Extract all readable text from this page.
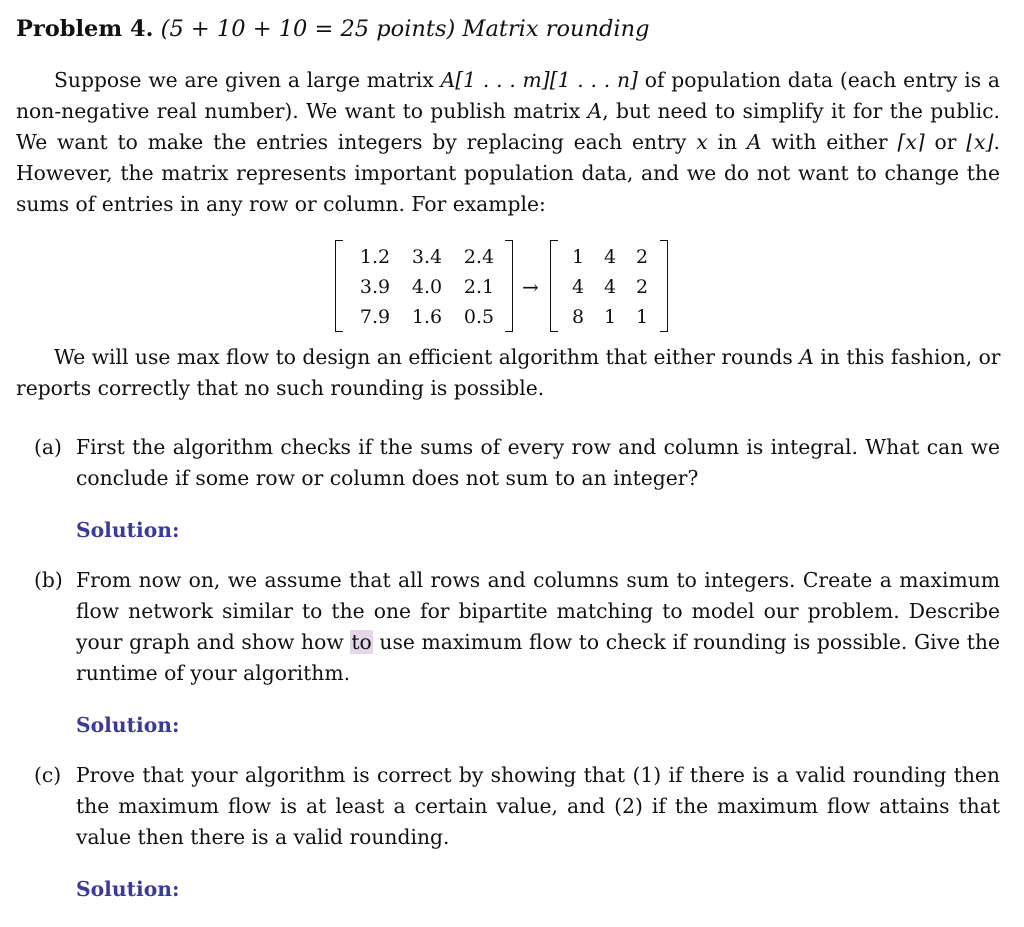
Problem 4. (5 + 10 + 10 = 25 points) Matrix rounding
Suppose we are given a large matrix A[1 . . . m][1 . . . n] of population data (each entry is a
non-negative real number). We want to publish matrix A, but need to simplify it for the public.
We want to make the entries integers by replacing each entry x in A with either ⌈x⌉ or ⌊x⌋.
However, the matrix represents important population data, and we do not want to change the
sums of entries in any row or column. For example:
1.2	3.4	2.4
3.9	4.0	2.1
7.9	1.6	0.5
→
1	4	2
4	4	2
8	1	1
We will use max flow to design an efficient algorithm that either rounds A in this fashion, or
reports correctly that no such rounding is possible.
(a) First the algorithm checks if the sums of every row and column is integral. What can we
conclude if some row or column does not sum to an integer?
Solution:
(b) From now on, we assume that all rows and columns sum to integers. Create a maximum
flow network similar to the one for bipartite matching to model our problem. Describe
your graph and show how to use maximum flow to check if rounding is possible. Give the
runtime of your algorithm.
Solution:
(c) Prove that your algorithm is correct by showing that (1) if there is a valid rounding then
the maximum flow is at least a certain value, and (2) if the maximum flow attains that
value then there is a valid rounding.
Solution:
